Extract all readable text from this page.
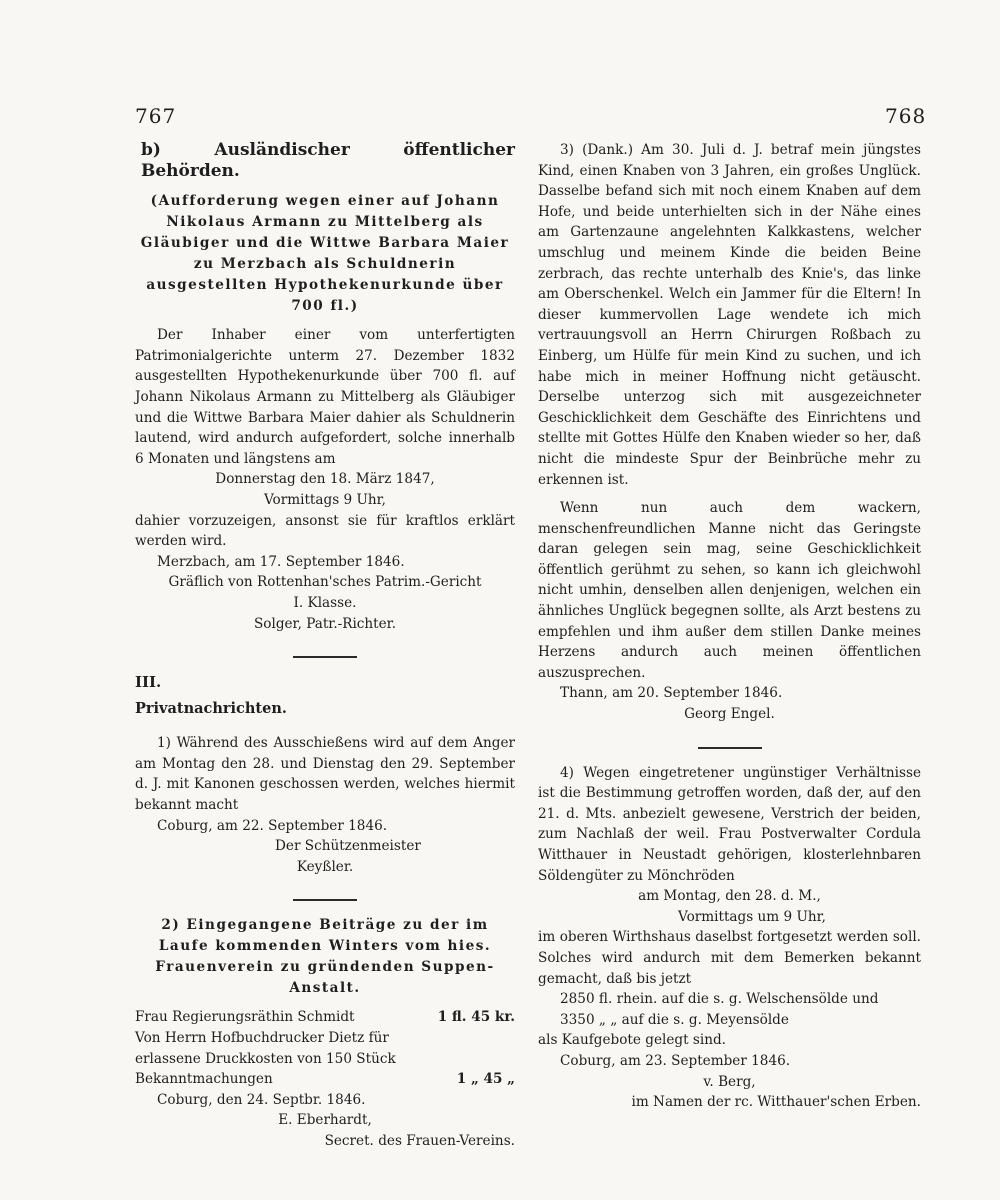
767	768

b) Ausländischer öffentlicher Behörden.

(Aufforderung wegen einer auf Johann Nikolaus Armann zu Mittelberg als Gläubiger und die Wittwe Barbara Maier zu Merzbach als Schuldnerin ausgestellten Hypothekenurkunde über 700 fl.)

Der Inhaber einer vom unterfertigten Patrimonialgerichte unterm 27. Dezember 1832 ausgestellten Hypothekenurkunde über 700 fl. auf Johann Nikolaus Armann zu Mittelberg als Gläubiger und die Wittwe Barbara Maier dahier als Schuldnerin lautend, wird andurch aufgefordert, solche innerhalb 6 Monaten und längstens am

Donnerstag den 18. März 1847,

Vormittags 9 Uhr,

dahier vorzuzeigen, ansonst sie für kraftlos erklärt werden wird.

Merzbach, am 17. September 1846.

Gräflich von Rottenhan'sches Patrim.-Gericht

I. Klasse.

Solger, Patr.-Richter.

III.

Privatnachrichten.

1) Während des Ausschießens wird auf dem Anger am Montag den 28. und Dienstag den 29. September d. J. mit Kanonen geschossen werden, welches hiermit bekannt macht

Coburg, am 22. September 1846.

Der Schützenmeister

Keyßler.

2) Eingegangene Beiträge zu der im Laufe kommenden Winters vom hies. Frauenverein zu gründenden Suppen-Anstalt.

Frau Regierungsräthin Schmidt	1 fl. 45 kr.
Von Herrn Hofbuchdrucker Dietz für erlassene Druckkosten von 150 Stück Bekanntmachungen	1 „ 45 „

Coburg, den 24. Septbr. 1846.

E. Eberhardt,

Secret. des Frauen-Vereins.

3) (Dank.) Am 30. Juli d. J. betraf mein jüngstes Kind, einen Knaben von 3 Jahren, ein großes Unglück. Dasselbe befand sich mit noch einem Knaben auf dem Hofe, und beide unterhielten sich in der Nähe eines am Gartenzaune angelehnten Kalkkastens, welcher umschlug und meinem Kinde die beiden Beine zerbrach, das rechte unterhalb des Knie's, das linke am Oberschenkel. Welch ein Jammer für die Eltern! In dieser kummervollen Lage wendete ich mich vertrauungsvoll an Herrn Chirurgen Roßbach zu Einberg, um Hülfe für mein Kind zu suchen, und ich habe mich in meiner Hoffnung nicht getäuscht. Derselbe unterzog sich mit ausgezeichneter Geschicklichkeit dem Geschäfte des Einrichtens und stellte mit Gottes Hülfe den Knaben wieder so her, daß nicht die mindeste Spur der Beinbrüche mehr zu erkennen ist.

Wenn nun auch dem wackern, menschenfreundlichen Manne nicht das Geringste daran gelegen sein mag, seine Geschicklichkeit öffentlich gerühmt zu sehen, so kann ich gleichwohl nicht umhin, denselben allen denjenigen, welchen ein ähnliches Unglück begegnen sollte, als Arzt bestens zu empfehlen und ihm außer dem stillen Danke meines Herzens andurch auch meinen öffentlichen auszusprechen.

Thann, am 20. September 1846.

Georg Engel.

4) Wegen eingetretener ungünstiger Verhältnisse ist die Bestimmung getroffen worden, daß der, auf den 21. d. Mts. anbezielt gewesene, Verstrich der beiden, zum Nachlaß der weil. Frau Postverwalter Cordula Witthauer in Neustadt gehörigen, klosterlehnbaren Söldengüter zu Mönchröden

am Montag, den 28. d. M.,

Vormittags um 9 Uhr,

im oberen Wirthshaus daselbst fortgesetzt werden soll. Solches wird andurch mit dem Bemerken bekannt gemacht, daß bis jetzt

2850 fl. rhein. auf die s. g. Welschensölde und

3350 „ „ auf die s. g. Meyensölde

als Kaufgebote gelegt sind.

Coburg, am 23. September 1846.

v. Berg,

im Namen der rc. Witthauer'schen Erben.
